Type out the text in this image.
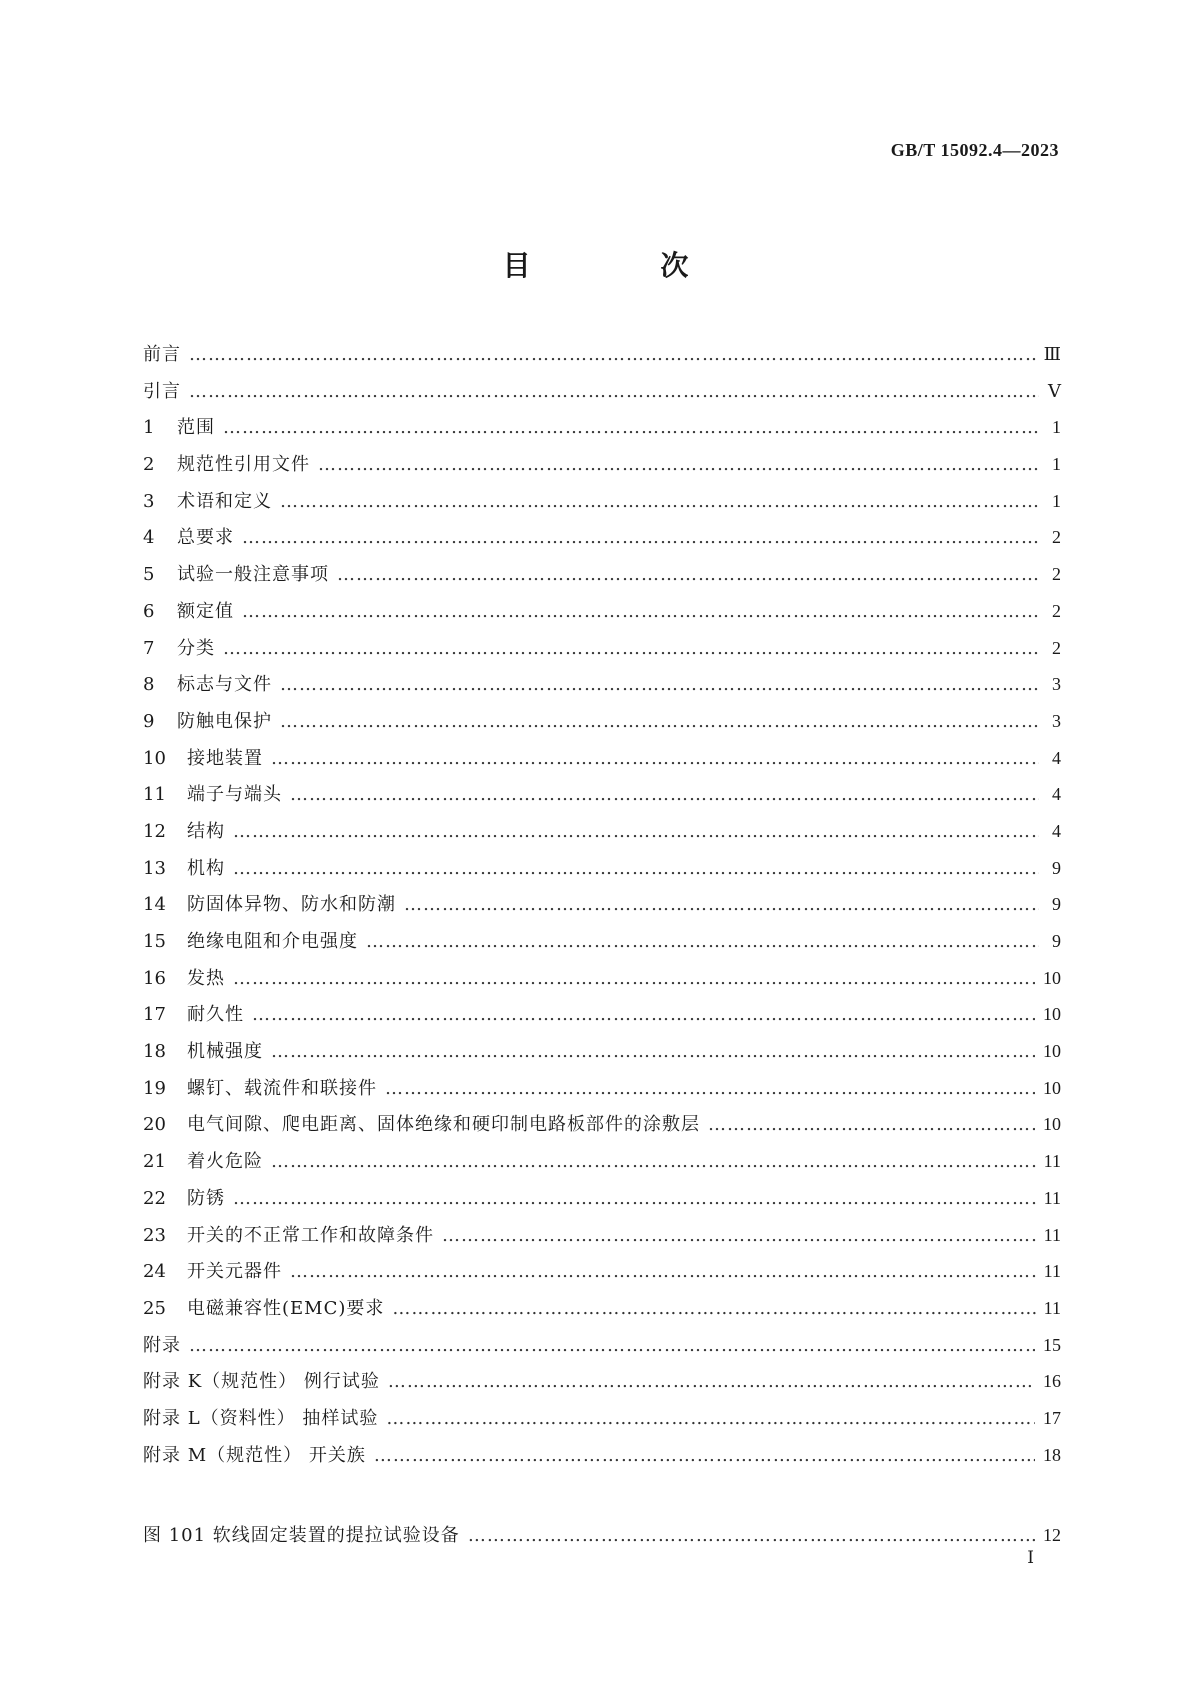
GB/T 15092.4—2023
目 次
前言 ………………………………………………………………………………………………………………………………………………………………	Ⅲ
引言 ………………………………………………………………………………………………………………………………………………………………	Ⅴ
1	范围 ………………………………………………………………………………………………………………………………………………………………	1
2	规范性引用文件 ………………………………………………………………………………………………………………………………………………………………	1
3	术语和定义 ………………………………………………………………………………………………………………………………………………………………	1
4	总要求 ………………………………………………………………………………………………………………………………………………………………	2
5	试验一般注意事项 ………………………………………………………………………………………………………………………………………………………………	2
6	额定值 ………………………………………………………………………………………………………………………………………………………………	2
7	分类 ………………………………………………………………………………………………………………………………………………………………	2
8	标志与文件 ………………………………………………………………………………………………………………………………………………………………	3
9	防触电保护 ………………………………………………………………………………………………………………………………………………………………	3
10	接地装置 ………………………………………………………………………………………………………………………………………………………………	4
11	端子与端头 ………………………………………………………………………………………………………………………………………………………………	4
12	结构 ………………………………………………………………………………………………………………………………………………………………	4
13	机构 ………………………………………………………………………………………………………………………………………………………………	9
14	防固体异物、防水和防潮 ………………………………………………………………………………………………………………………………………………………………	9
15	绝缘电阻和介电强度 ………………………………………………………………………………………………………………………………………………………………	9
16	发热 ………………………………………………………………………………………………………………………………………………………………	10
17	耐久性 ………………………………………………………………………………………………………………………………………………………………	10
18	机械强度 ………………………………………………………………………………………………………………………………………………………………	10
19	螺钉、载流件和联接件 ………………………………………………………………………………………………………………………………………………………………	10
20	电气间隙、爬电距离、固体绝缘和硬印制电路板部件的涂敷层 ………………………………………………………………………………………………………………………………………………………………	10
21	着火危险 ………………………………………………………………………………………………………………………………………………………………	11
22	防锈 ………………………………………………………………………………………………………………………………………………………………	11
23	开关的不正常工作和故障条件 ………………………………………………………………………………………………………………………………………………………………	11
24	开关元器件 ………………………………………………………………………………………………………………………………………………………………	11
25	电磁兼容性(EMC)要求 ………………………………………………………………………………………………………………………………………………………………	11
附录 ………………………………………………………………………………………………………………………………………………………………	15
附录 K（规范性） 例行试验 ………………………………………………………………………………………………………………………………………………………………	16
附录 L（资料性） 抽样试验 ………………………………………………………………………………………………………………………………………………………………	17
附录 M（规范性） 开关族 ………………………………………………………………………………………………………………………………………………………………	18
图 101 软线固定装置的提拉试验设备 ………………………………………………………………………………………………………………………………………………………………	12
Ⅰ
